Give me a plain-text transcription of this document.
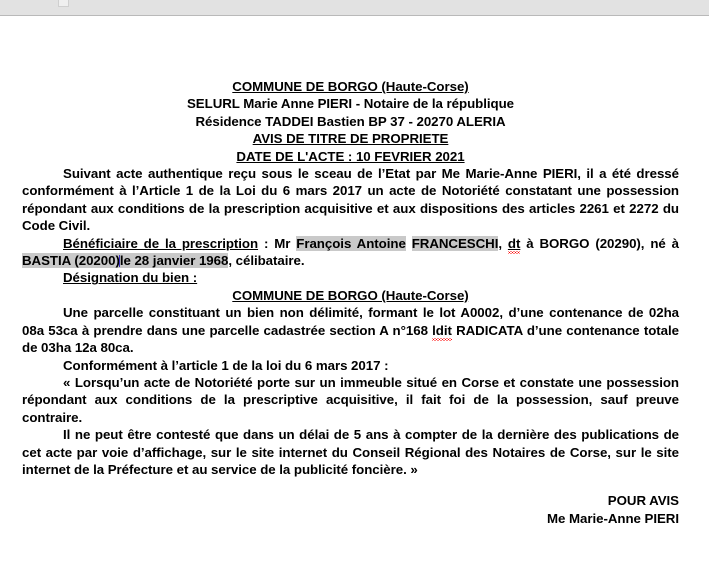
COMMUNE DE BORGO (Haute-Corse)
SELURL Marie Anne PIERI - Notaire de la république
Résidence TADDEI Bastien BP 37 - 20270 ALERIA
AVIS DE TITRE DE PROPRIETE
DATE DE L'ACTE : 10 FEVRIER 2021

Suivant acte authentique reçu sous le sceau de l’Etat par Me Marie-Anne PIERI, il a été dressé conformément à l’Article 1 de la Loi du 6 mars 2017 un acte de Notoriété constatant une possession répondant aux conditions de la prescription acquisitive et aux dispositions des articles 2261 et 2272 du Code Civil.

Bénéficiaire de la prescription : Mr François Antoine FRANCESCHI, dt à BORGO (20290), né à BASTIA (20200)le 28 janvier 1968, célibataire.

Désignation du bien :

COMMUNE DE BORGO (Haute-Corse)

Une parcelle constituant un bien non délimité, formant le lot A0002, d’une contenance de 02ha 08a 53ca à prendre dans une parcelle cadastrée section A n°168 ldit RADICATA d’une contenance totale de 03ha 12a 80ca.

Conformément à l’article 1 de la loi du 6 mars 2017 :

« Lorsqu’un acte de Notoriété porte sur un immeuble situé en Corse et constate une possession répondant aux conditions de la prescriptive acquisitive, il fait foi de la possession, sauf preuve contraire.

Il ne peut être contesté que dans un délai de 5 ans à compter de la dernière des publications de cet acte par voie d’affichage, sur le site internet du Conseil Régional des Notaires de Corse, sur le site internet de la Préfecture et au service de la publicité foncière. »

POUR AVIS
Me Marie-Anne PIERI
